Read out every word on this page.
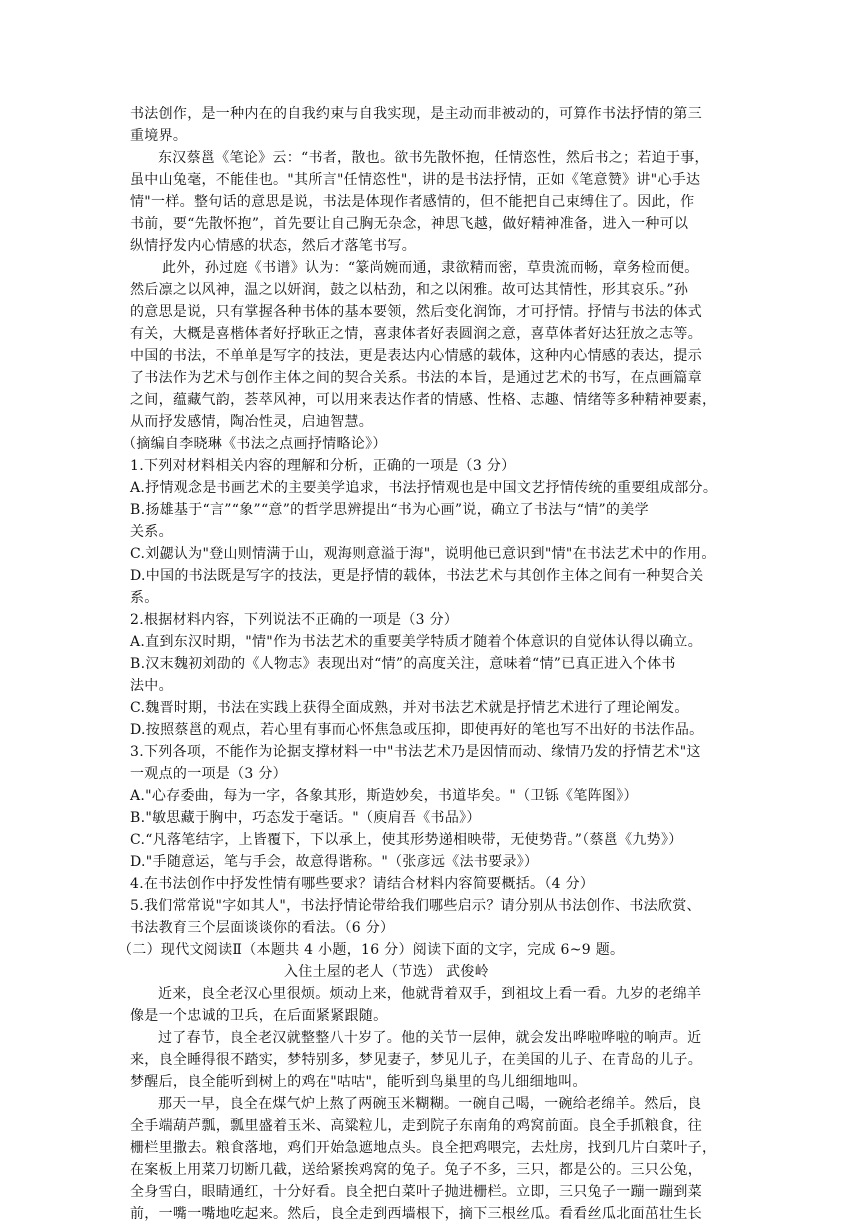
书法创作，是一种内在的自我约束与自我实现，是主动而非被动的，可算作书法抒情的第三
重境界。
东汉蔡邕《笔论》云：“书者，散也。欲书先散怀抱，任情恣性，然后书之；若迫于事，
虽中山兔毫，不能佳也。"其所言"任情恣性"，讲的是书法抒情，正如《笔意赞》讲"心手达
情"一样。整句话的意思是说，书法是体现作者感情的，但不能把自己束缚住了。因此，作
书前，要“先散怀抱”，首先要让自己胸无杂念，神思飞越，做好精神准备，进入一种可以
纵情抒发内心情感的状态，然后才落笔书写。
此外，孙过庭《书谱》认为：“篆尚婉而通，隶欲精而密，草贵流而畅，章务检而便。
然后凛之以风神，温之以妍润，鼓之以枯劲，和之以闲雅。故可达其情性，形其哀乐。”孙
的意思是说，只有掌握各种书体的基本要领，然后变化润饰，才可抒情。抒情与书法的体式
有关，大概是喜楷体者好抒耿正之情，喜隶体者好表圆润之意，喜草体者好达狂放之志等。
中国的书法，不单单是写字的技法，更是表达内心情感的载体，这种内心情感的表达，提示
了书法作为艺术与创作主体之间的契合关系。书法的本旨，是通过艺术的书写，在点画篇章
之间，蕴藏气韵，荟萃风神，可以用来表达作者的情感、性格、志趣、情绪等多种精神要素，
从而抒发感情，陶冶性灵，启迪智慧。
（摘编自李晓琳《书法之点画抒情略论》）
1.下列对材料相关内容的理解和分析，正确的一项是（3 分）
A.抒情观念是书画艺术的主要美学追求，书法抒情观也是中国文艺抒情传统的重要组成部分。
B.扬雄基于“言”“象”“意”的哲学思辨提出“书为心画”说，确立了书法与“情”的美学
关系。
C.刘勰认为"登山则情满于山，观海则意溢于海"，说明他已意识到"情"在书法艺术中的作用。
D.中国的书法既是写字的技法，更是抒情的载体，书法艺术与其创作主体之间有一种契合关
系。
2.根据材料内容，下列说法不正确的一项是（3 分）
A.直到东汉时期，"情"作为书法艺术的重要美学特质才随着个体意识的自觉体认得以确立。
B.汉末魏初刘劭的《人物志》表现出对“情”的高度关注，意味着“情”已真正进入个体书
法中。
C.魏晋时期，书法在实践上获得全面成熟，并对书法艺术就是抒情艺术进行了理论阐发。
D.按照蔡邕的观点，若心里有事而心怀焦急或压抑，即使再好的笔也写不出好的书法作品。
3.下列各项，不能作为论据支撑材料一中"书法艺术乃是因情而动、缘情乃发的抒情艺术"这
一观点的一项是（3 分）
A."心存委曲，每为一字，各象其形，斯造妙矣，书道毕矣。"（卫铄《笔阵图》）
B."敏思藏于胸中，巧态发于毫话。"（庾肩吾《书品》）
C.“凡落笔结字，上皆覆下，下以承上，使其形势递相映带，无使势背。”（蔡邕《九势》）
D."手随意运，笔与手会，故意得谐称。"（张彦远《法书要录》）
4.在书法创作中抒发性情有哪些要求？请结合材料内容简要概括。（4 分）
5.我们常常说"字如其人"，书法抒情论带给我们哪些启示？请分别从书法创作、书法欣赏、
书法教育三个层面谈谈你的看法。（6 分）
（二）现代文阅读Ⅱ（本题共 4 小题，16 分）阅读下面的文字，完成 6~9 题。
入住土屋的老人（节选） 武俊岭
近来，良全老汉心里很烦。烦动上来，他就背着双手，到祖坟上看一看。九岁的老绵羊
像是一个忠诚的卫兵，在后面紧紧跟随。
过了春节，良全老汉就整整八十岁了。他的关节一层伸，就会发出哗啦哗啦的响声。近
来，良全睡得很不踏实，梦特别多，梦见妻子，梦见儿子，在美国的儿子、在青岛的儿子。
梦醒后，良全能听到树上的鸡在"咕咕"，能听到鸟巢里的鸟儿细细地叫。
那天一早，良全在煤气炉上熬了两碗玉米糊糊。一碗自己喝，一碗给老绵羊。然后，良
全手端葫芦瓢，瓢里盛着玉米、高粱粒儿，走到院子东南角的鸡窝前面。良全手抓粮食，往
栅栏里撒去。粮食落地，鸡们开始急遮地点头。良全把鸡喂完，去灶房，找到几片白菜叶子，
在案板上用菜刀切断几截，送给紧挨鸡窝的兔子。兔子不多，三只，都是公的。三只公兔，
全身雪白，眼睛通红，十分好看。良全把白菜叶子抛进栅栏。立即，三只兔子一蹦一蹦到菜
前，一嘴一嘴地吃起来。然后，良全走到西墙根下，摘下三根丝瓜。看看丝瓜北面茁壮生长
